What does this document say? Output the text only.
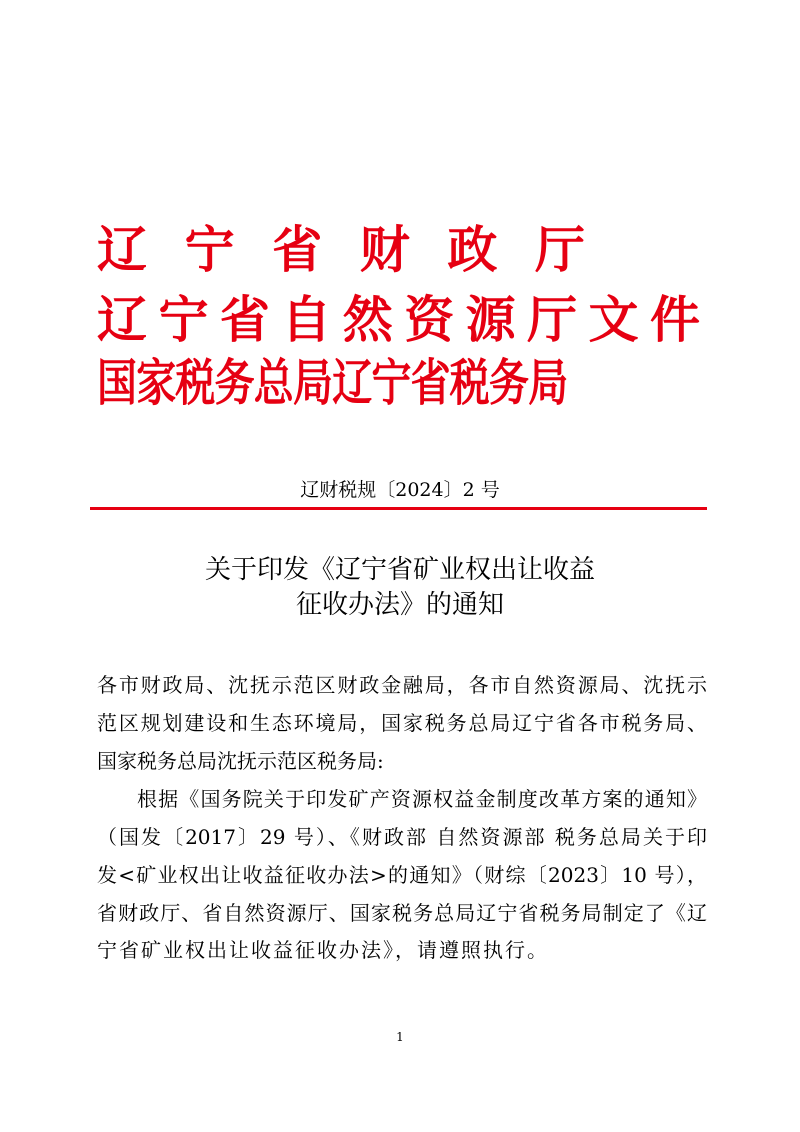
辽宁省财政厅
辽宁省自然资源厅文件
国家税务总局辽宁省税务局
辽财税规〔2024〕2 号
关于印发《辽宁省矿业权出让收益
征收办法》的通知
各市财政局、沈抚示范区财政金融局，各市自然资源局、沈抚示
范区规划建设和生态环境局，国家税务总局辽宁省各市税务局、
国家税务总局沈抚示范区税务局:
根据《国务院关于印发矿产资源权益金制度改革方案的通知》
（国发〔2017〕29 号）、《财政部 自然资源部 税务总局关于印
发<矿业权出让收益征收办法>的通知》（财综〔2023〕10 号），
省财政厅、省自然资源厅、国家税务总局辽宁省税务局制定了《辽
宁省矿业权出让收益征收办法》，请遵照执行。
1
